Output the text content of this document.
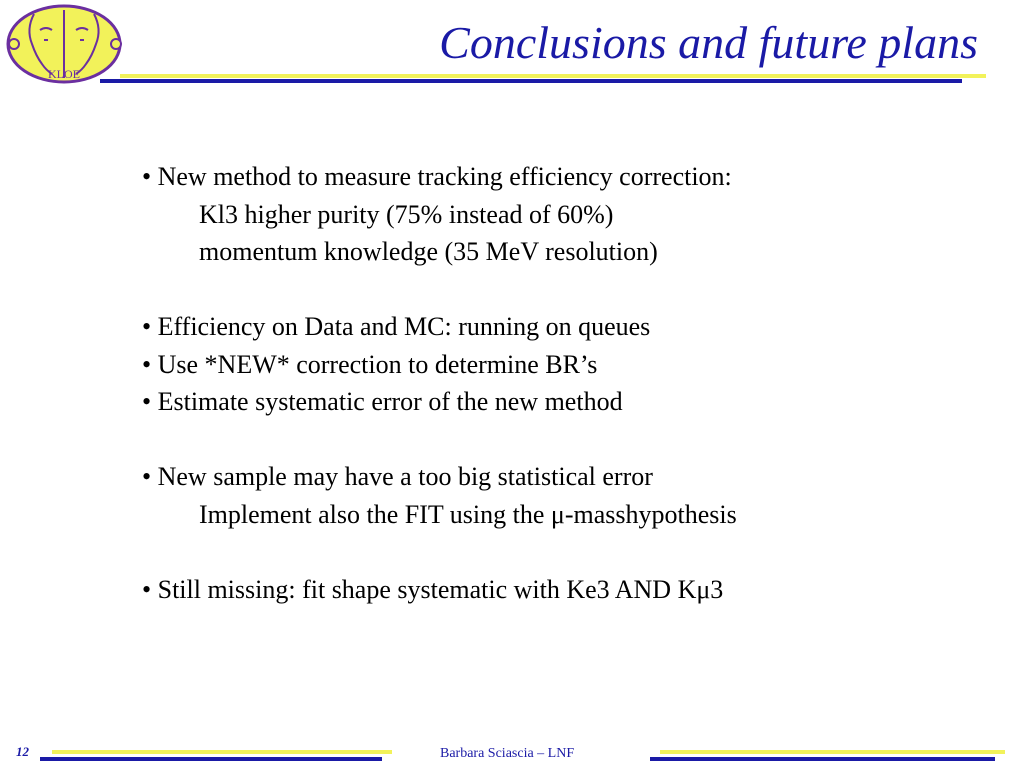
KLOE
Conclusions and future plans
• New method to measure tracking efficiency correction:
Kl3 higher purity (75% instead of 60%)
momentum knowledge (35 MeV resolution)
• Efficiency on Data and MC: running on queues
• Use *NEW* correction to determine BR’s
• Estimate systematic error of the new method
• New sample may have a too big statistical error
Implement also the FIT using the μ-masshypothesis
• Still missing: fit shape systematic with Ke3 AND Kμ3
12	Barbara Sciascia – LNF
